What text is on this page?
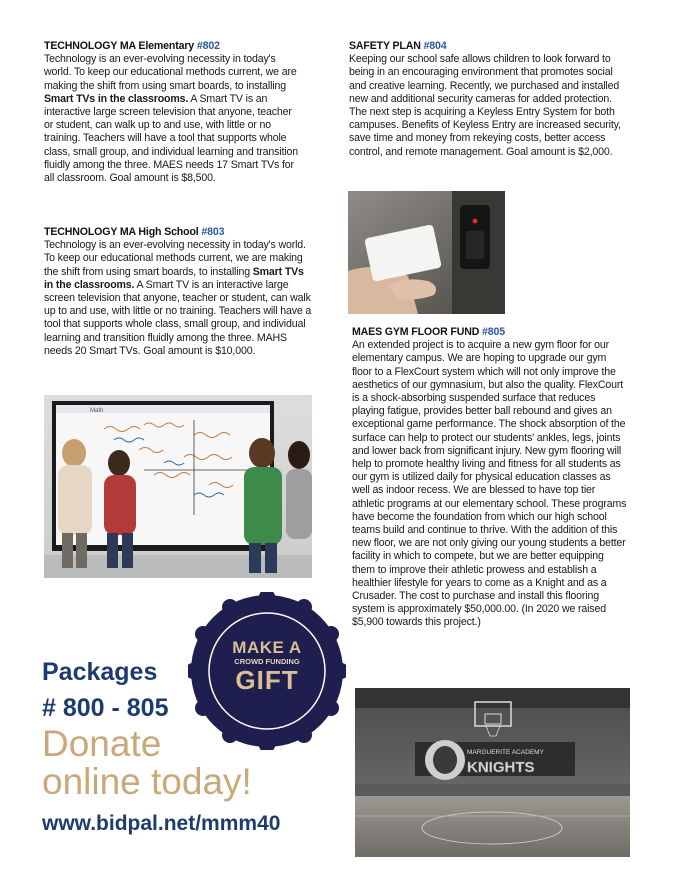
TECHNOLOGY MA Elementary #802
Technology is an ever-evolving necessity in today's world. To keep our educational methods current, we are making the shift from using smart boards, to installing Smart TVs in the classrooms. A Smart TV is an interactive large screen television that anyone, teacher or student, can walk up to and use, with little or no training. Teachers will have a tool that supports whole class, small group, and individual learning and transition fluidly among the three. MAES needs 17 Smart TVs for all classroom. Goal amount is $8,500.
TECHNOLOGY MA High School #803
Technology is an ever-evolving necessity in today's world. To keep our educational methods current, we are making the shift from using smart boards, to installing Smart TVs in the classrooms. A Smart TV is an interactive large screen television that anyone, teacher or student, can walk up to and use, with little or no training. Teachers will have a tool that supports whole class, small group, and individual learning and transition fluidly among the three. MAHS needs 20 Smart TVs. Goal amount is $10,000.
Math
SAFETY PLAN #804
Keeping our school safe allows children to look forward to being in an encouraging environment that promotes social and creative learning. Recently, we purchased and installed new and additional security cameras for added protection. The next step is acquiring a Keyless Entry System for both campuses. Benefits of Keyless Entry are increased security, save time and money from rekeying costs, better access control, and remote management. Goal amount is $2,000.
MAES GYM FLOOR FUND #805
An extended project is to acquire a new gym floor for our elementary campus. We are hoping to upgrade our gym floor to a FlexCourt system which will not only improve the aesthetics of our gymnasium, but also the quality. FlexCourt is a shock-absorbing suspended surface that reduces playing fatigue, provides better ball rebound and gives an exceptional game performance. The shock absorption of the surface can help to protect our students' ankles, legs, joints and lower back from significant injury. New gym flooring will help to promote healthy living and fitness for all students as our gym is utilized daily for physical education classes as well as indoor recess. We are blessed to have top tier athletic programs at our elementary school. These programs have become the foundation from which our high school teams build and continue to thrive. With the addition of this new floor, we are not only giving our young students a better facility in which to compete, but we are better equipping them to improve their athletic prowess and establish a healthier lifestyle for years to come as a Knight and as a Crusader. The cost to purchase and install this flooring system is approximately $50,000.00. (In 2020 we raised $5,900 towards this project.)
MARGUERITE ACADEMY
KNIGHTS
MAKE A
CROWD FUNDING
GIFT
Packages
# 800 - 805
Donate
online today!
www.bidpal.net/mmm40
